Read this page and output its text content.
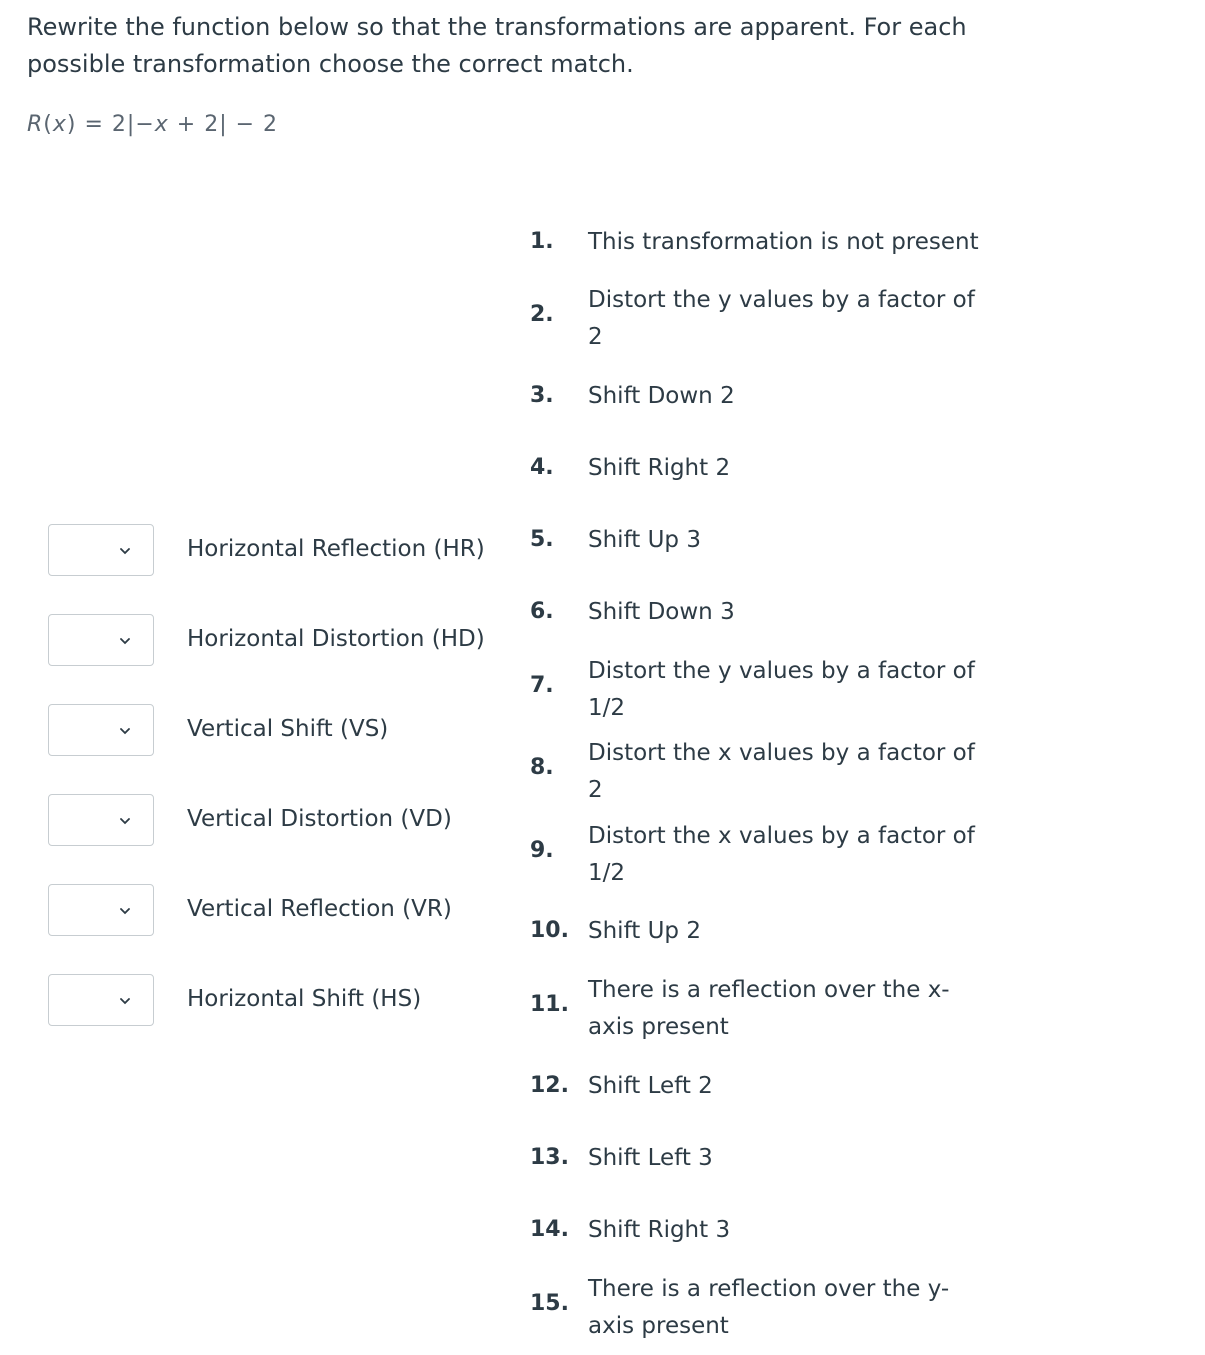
Rewrite the function below so that the transformations are apparent. For each
possible transformation choose the correct match.

R(x) = 2|−x + 2| − 2
Horizontal Reflection (HR)
Horizontal Distortion (HD)
Vertical Shift (VS)
Vertical Distortion (VD)
Vertical Reflection (VR)
Horizontal Shift (HS)
1. This transformation is not present
2.
Distort the y values by a factor of 2
3. Shift Down 2
4. Shift Right 2
5. Shift Up 3
6. Shift Down 3
7.
Distort the y values by a factor of 1/2
8.
Distort the x values by a factor of 2
9.
Distort the x values by a factor of 1/2
10. Shift Up 2
11.
There is a reflection over the x-axis present
12. Shift Left 2
13. Shift Left 3
14. Shift Right 3
15.
There is a reflection over the y-axis present
